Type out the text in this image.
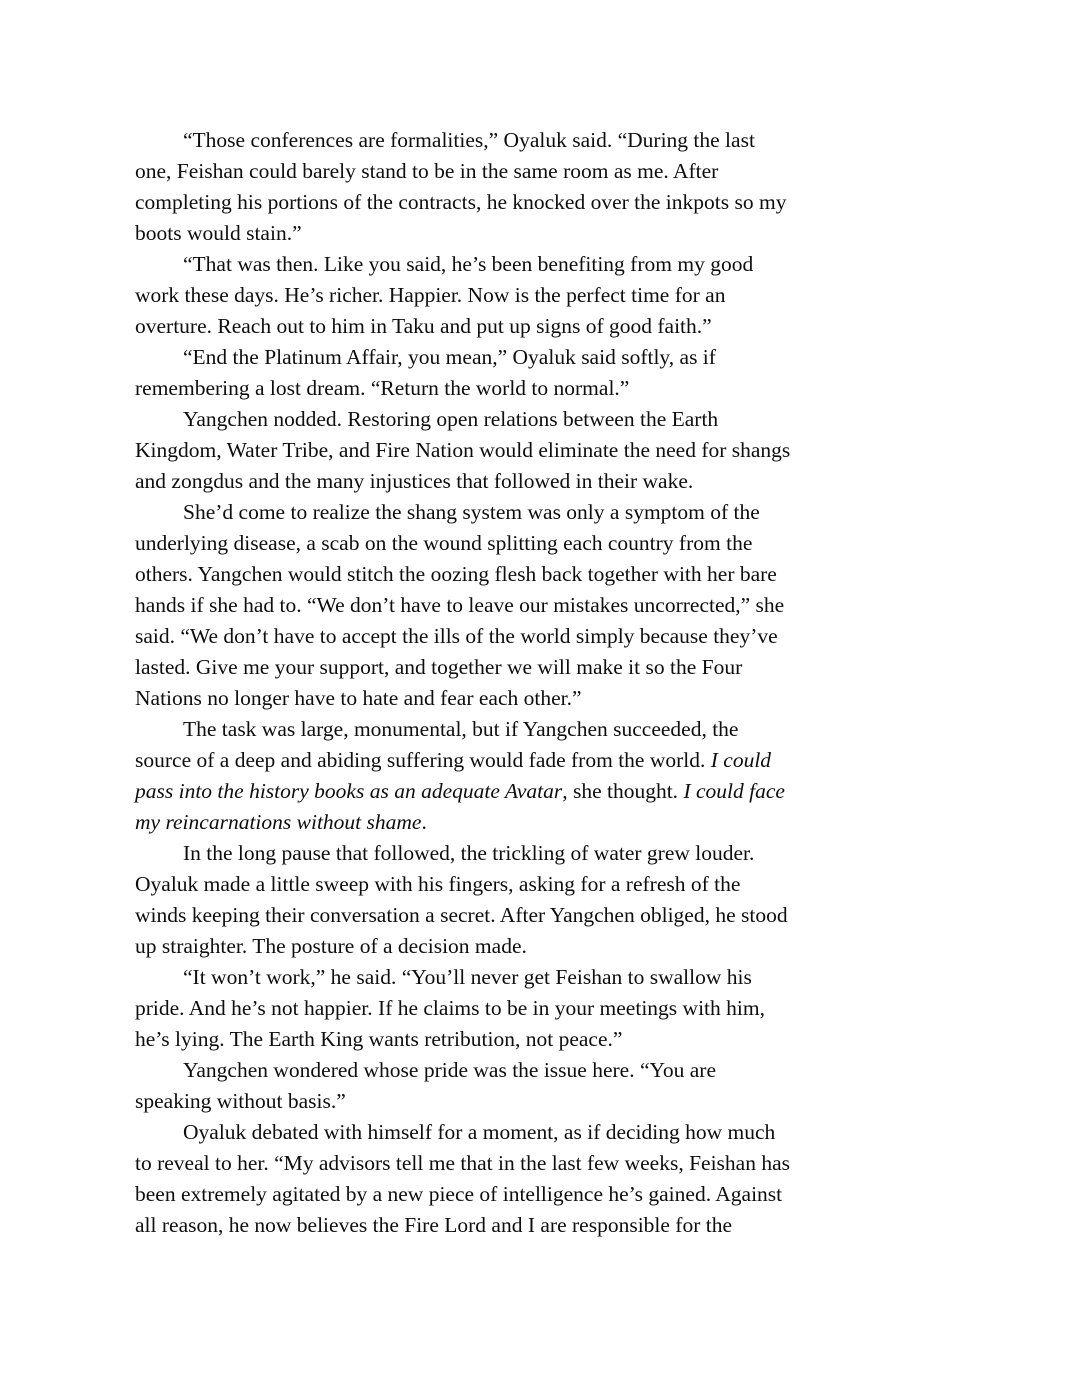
“Those conferences are formalities,” Oyaluk said. “During the last
one, Feishan could barely stand to be in the same room as me. After
completing his portions of the contracts, he knocked over the inkpots so my
boots would stain.”

“That was then. Like you said, he’s been benefiting from my good
work these days. He’s richer. Happier. Now is the perfect time for an
overture. Reach out to him in Taku and put up signs of good faith.”

“End the Platinum Affair, you mean,” Oyaluk said softly, as if
remembering a lost dream. “Return the world to normal.”

Yangchen nodded. Restoring open relations between the Earth
Kingdom, Water Tribe, and Fire Nation would eliminate the need for shangs
and zongdus and the many injustices that followed in their wake.

She’d come to realize the shang system was only a symptom of the
underlying disease, a scab on the wound splitting each country from the
others. Yangchen would stitch the oozing flesh back together with her bare
hands if she had to. “We don’t have to leave our mistakes uncorrected,” she
said. “We don’t have to accept the ills of the world simply because they’ve
lasted. Give me your support, and together we will make it so the Four
Nations no longer have to hate and fear each other.”

The task was large, monumental, but if Yangchen succeeded, the
source of a deep and abiding suffering would fade from the world. I could
pass into the history books as an adequate Avatar, she thought. I could face
my reincarnations without shame.

In the long pause that followed, the trickling of water grew louder.
Oyaluk made a little sweep with his fingers, asking for a refresh of the
winds keeping their conversation a secret. After Yangchen obliged, he stood
up straighter. The posture of a decision made.

“It won’t work,” he said. “You’ll never get Feishan to swallow his
pride. And he’s not happier. If he claims to be in your meetings with him,
he’s lying. The Earth King wants retribution, not peace.”

Yangchen wondered whose pride was the issue here. “You are
speaking without basis.”

Oyaluk debated with himself for a moment, as if deciding how much
to reveal to her. “My advisors tell me that in the last few weeks, Feishan has
been extremely agitated by a new piece of intelligence he’s gained. Against
all reason, he now believes the Fire Lord and I are responsible for the
